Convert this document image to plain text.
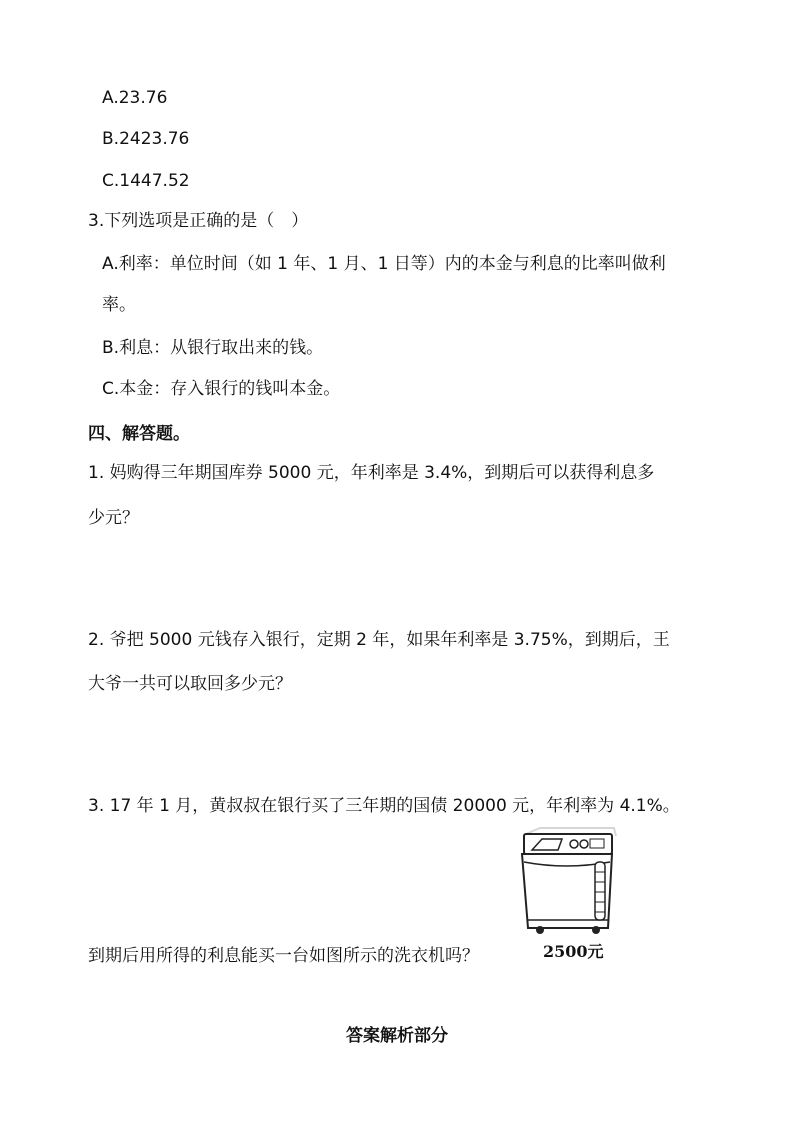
A.23.76
B.2423.76
C.1447.52
3.下列选项是正确的是（　）
A.利率：单位时间（如 1 年、1 月、1 日等）内的本金与利息的比率叫做利
率。
B.利息：从银行取出来的钱。
C.本金：存入银行的钱叫本金。
四、解答题。
1. 妈购得三年期国库券 5000 元，年利率是 3.4%，到期后可以获得利息多
少元？
2. 爷把 5000 元钱存入银行，定期 2 年，如果年利率是 3.75%，到期后，王
大爷一共可以取回多少元？
3. 17 年 1 月，黄叔叔在银行买了三年期的国债 20000 元，年利率为 4.1%。
2500元
到期后用所得的利息能买一台如图所示的洗衣机吗？
答案解析部分
